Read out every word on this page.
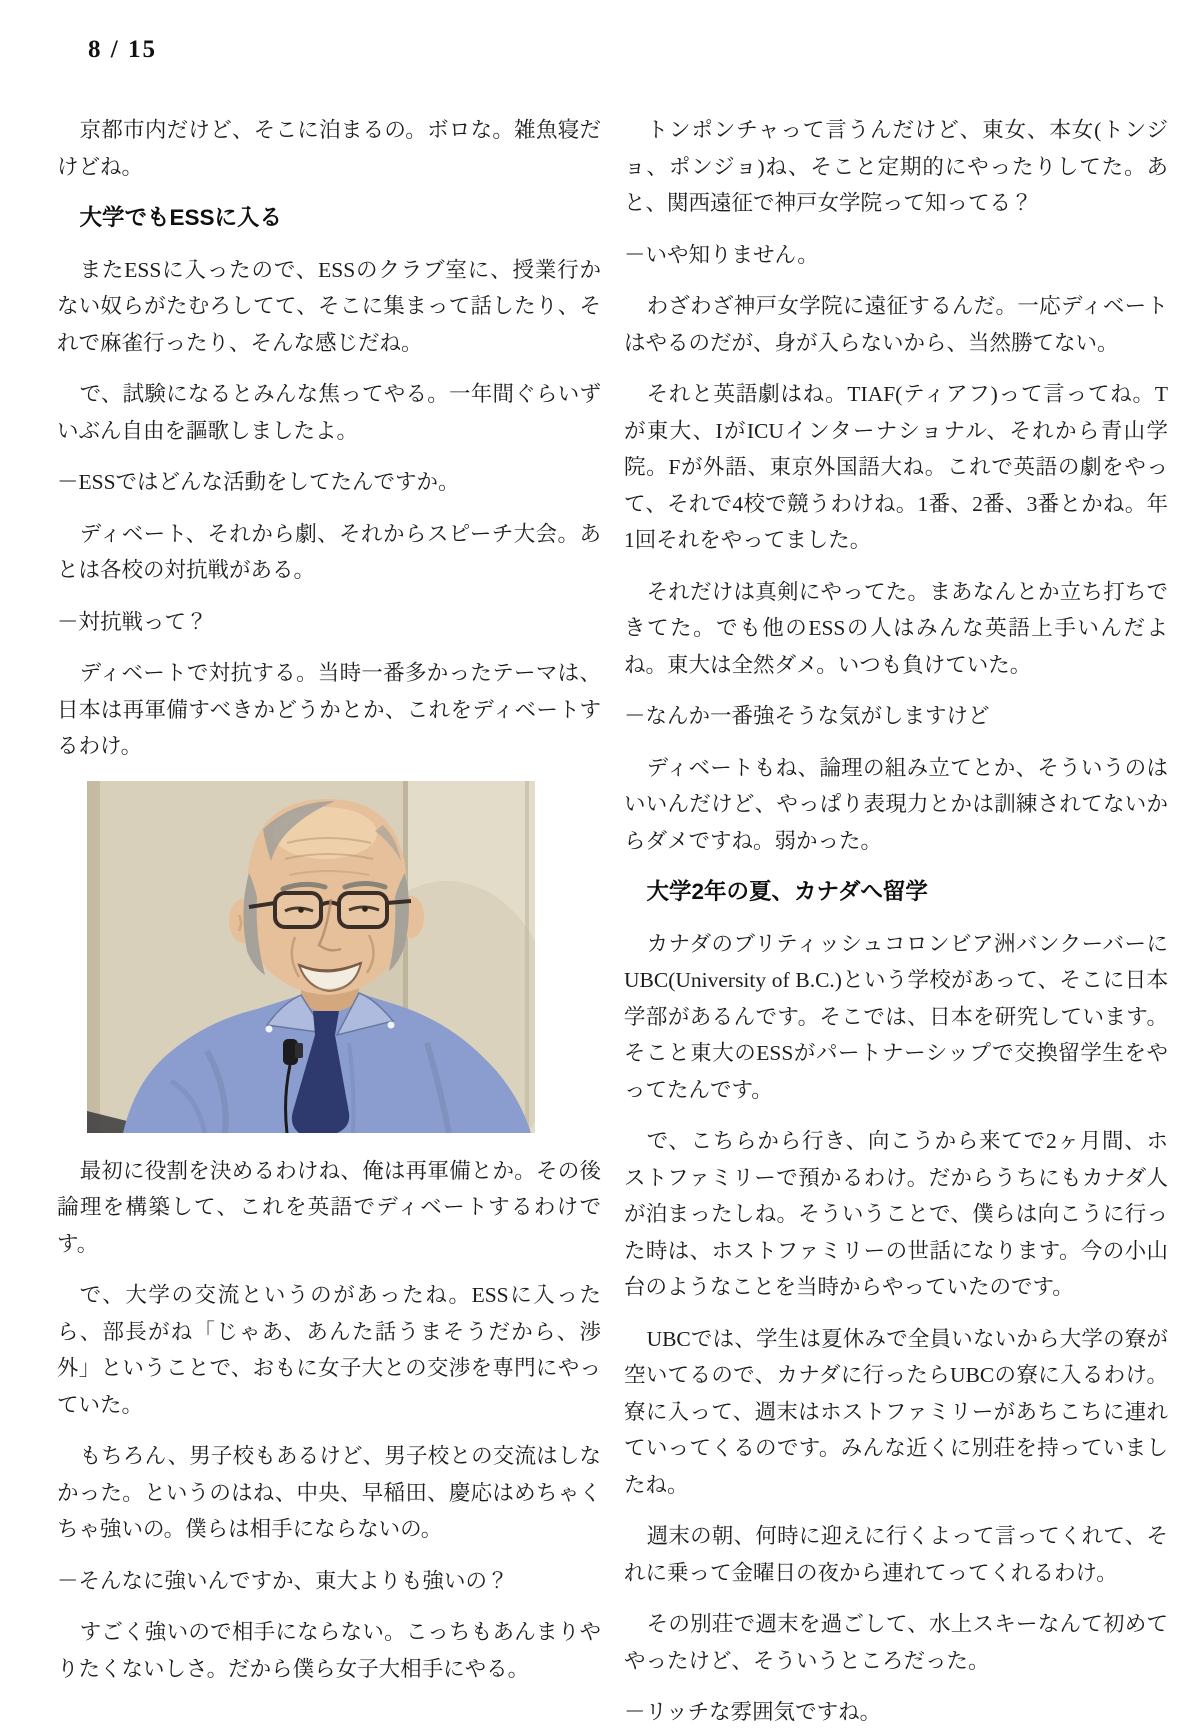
8 / 15

京都市内だけど、そこに泊まるの。ボロな。雑魚寝だけどね。

大学でもESSに入る

またESSに入ったので、ESSのクラブ室に、授業行かない奴らがたむろしてて、そこに集まって話したり、それで麻雀行ったり、そんな感じだね。

で、試験になるとみんな焦ってやる。一年間ぐらいずいぶん自由を謳歌しましたよ。

－ESSではどんな活動をしてたんですか。

ディベート、それから劇、それからスピーチ大会。あとは各校の対抗戦がある。

－対抗戦って？

ディベートで対抗する。当時一番多かったテーマは、日本は再軍備すべきかどうかとか、これをディベートするわけ。

最初に役割を決めるわけね、俺は再軍備とか。その後論理を構築して、これを英語でディベートするわけです。

で、大学の交流というのがあったね。ESSに入ったら、部長がね「じゃあ、あんた話うまそうだから、渉外」ということで、おもに女子大との交渉を専門にやっていた。

もちろん、男子校もあるけど、男子校との交流はしなかった。というのはね、中央、早稲田、慶応はめちゃくちゃ強いの。僕らは相手にならないの。

－そんなに強いんですか、東大よりも強いの？

すごく強いので相手にならない。こっちもあんまりやりたくないしさ。だから僕ら女子大相手にやる。

トンポンチャって言うんだけど、東女、本女(トンジョ、ポンジョ)ね、そこと定期的にやったりしてた。あと、関西遠征で神戸女学院って知ってる？

－いや知りません。

わざわざ神戸女学院に遠征するんだ。一応ディベートはやるのだが、身が入らないから、当然勝てない。

それと英語劇はね。TIAF(ティアフ)って言ってね。Tが東大、IがICUインターナショナル、それから青山学院。Fが外語、東京外国語大ね。これで英語の劇をやって、それで4校で競うわけね。1番、2番、3番とかね。年1回それをやってました。

それだけは真剣にやってた。まあなんとか立ち打ちできてた。でも他のESSの人はみんな英語上手いんだよね。東大は全然ダメ。いつも負けていた。

－なんか一番強そうな気がしますけど

ディベートもね、論理の組み立てとか、そういうのはいいんだけど、やっぱり表現力とかは訓練されてないからダメですね。弱かった。

大学2年の夏、カナダへ留学

カナダのブリティッシュコロンビア洲バンクーバーにUBC(University of B.C.)という学校があって、そこに日本学部があるんです。そこでは、日本を研究しています。そこと東大のESSがパートナーシップで交換留学生をやってたんです。

で、こちらから行き、向こうから来てで2ヶ月間、ホストファミリーで預かるわけ。だからうちにもカナダ人が泊まったしね。そういうことで、僕らは向こうに行った時は、ホストファミリーの世話になります。今の小山台のようなことを当時からやっていたのです。

UBCでは、学生は夏休みで全員いないから大学の寮が空いてるので、カナダに行ったらUBCの寮に入るわけ。寮に入って、週末はホストファミリーがあちこちに連れていってくるのです。みんな近くに別荘を持っていましたね。

週末の朝、何時に迎えに行くよって言ってくれて、それに乗って金曜日の夜から連れてってくれるわけ。

その別荘で週末を過ごして、水上スキーなんて初めてやったけど、そういうところだった。

－リッチな雰囲気ですね。
